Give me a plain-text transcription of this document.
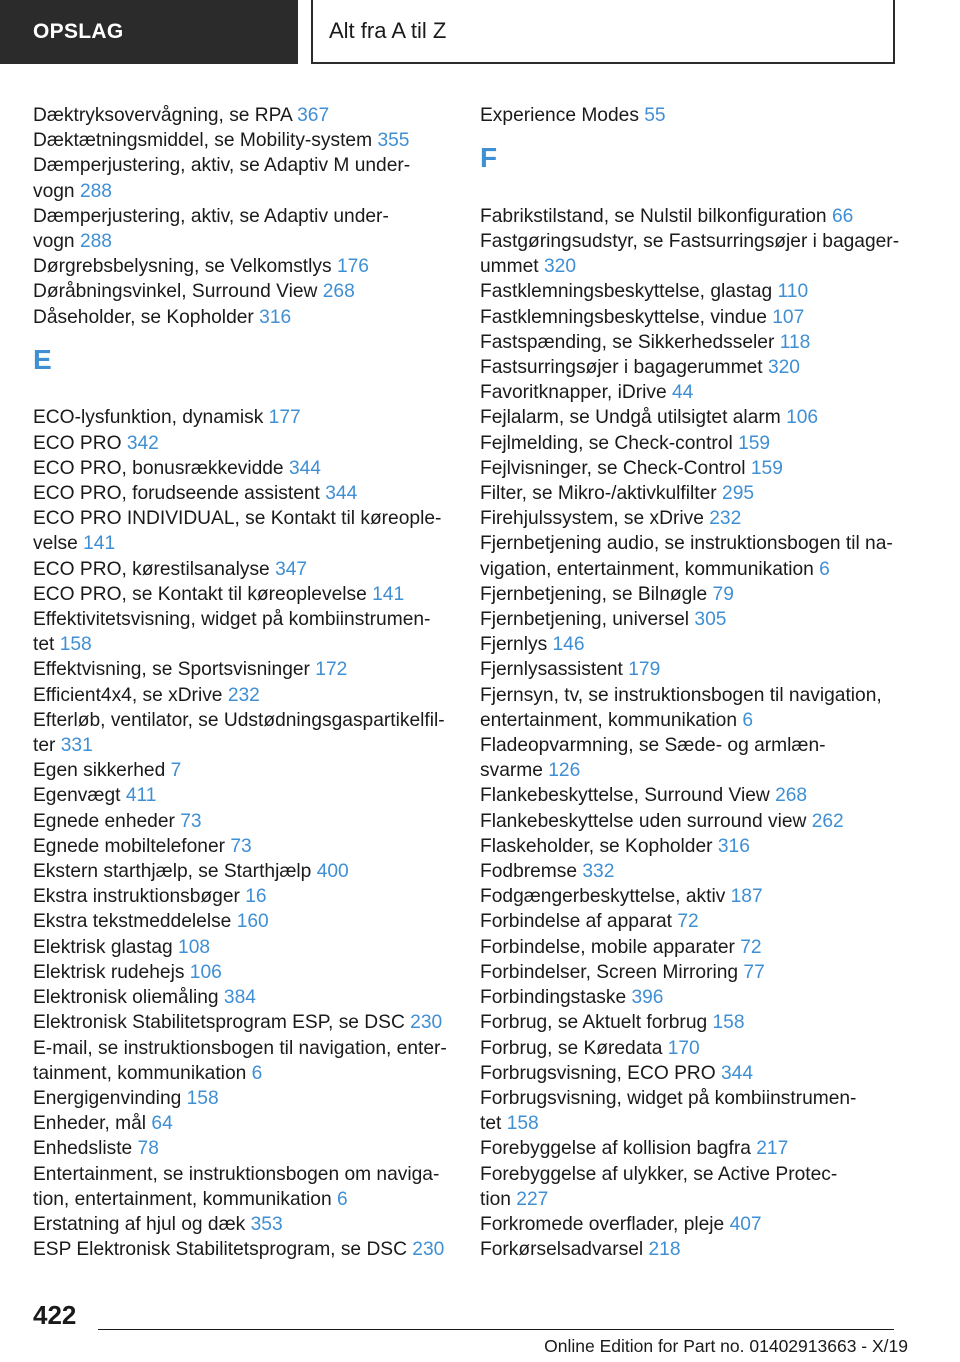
OPSLAG	Alt fra A til Z
Dæktryksovervågning, se RPA 367
Dæktætningsmiddel, se Mobility-system 355
Dæmperjustering, aktiv, se Adaptiv M under-
vogn 288
Dæmperjustering, aktiv, se Adaptiv under-
vogn 288
Dørgrebsbelysning, se Velkomstlys 176
Døråbningsvinkel, Surround View 268
Dåseholder, se Kopholder 316
E
ECO-lysfunktion, dynamisk 177
ECO PRO 342
ECO PRO, bonusrækkevidde 344
ECO PRO, forudseende assistent 344
ECO PRO INDIVIDUAL, se Kontakt til køreople-
velse 141
ECO PRO, kørestilsanalyse 347
ECO PRO, se Kontakt til køreoplevelse 141
Effektivitetsvisning, widget på kombiinstrumen-
tet 158
Effektvisning, se Sportsvisninger 172
Efficient4x4, se xDrive 232
Efterløb, ventilator, se Udstødningsgaspartikelfil-
ter 331
Egen sikkerhed 7
Egenvægt 411
Egnede enheder 73
Egnede mobiltelefoner 73
Ekstern starthjælp, se Starthjælp 400
Ekstra instruktionsbøger 16
Ekstra tekstmeddelelse 160
Elektrisk glastag 108
Elektrisk rudehejs 106
Elektronisk oliemåling 384
Elektronisk Stabilitetsprogram ESP, se DSC 230
E-mail, se instruktionsbogen til navigation, enter-
tainment, kommunikation 6
Energigenvinding 158
Enheder, mål 64
Enhedsliste 78
Entertainment, se instruktionsbogen om naviga-
tion, entertainment, kommunikation 6
Erstatning af hjul og dæk 353
ESP Elektronisk Stabilitetsprogram, se DSC 230
Experience Modes 55
F
Fabrikstilstand, se Nulstil bilkonfiguration 66
Fastgøringsudstyr, se Fastsurringsøjer i bagager-
ummet 320
Fastklemningsbeskyttelse, glastag 110
Fastklemningsbeskyttelse, vindue 107
Fastspænding, se Sikkerhedsseler 118
Fastsurringsøjer i bagagerummet 320
Favoritknapper, iDrive 44
Fejlalarm, se Undgå utilsigtet alarm 106
Fejlmelding, se Check-control 159
Fejlvisninger, se Check-Control 159
Filter, se Mikro-/aktivkulfilter 295
Firehjulssystem, se xDrive 232
Fjernbetjening audio, se instruktionsbogen til na-
vigation, entertainment, kommunikation 6
Fjernbetjening, se Bilnøgle 79
Fjernbetjening, universel 305
Fjernlys 146
Fjernlysassistent 179
Fjernsyn, tv, se instruktionsbogen til navigation,
entertainment, kommunikation 6
Fladeopvarmning, se Sæde- og armlæn-
svarme 126
Flankebeskyttelse, Surround View 268
Flankebeskyttelse uden surround view 262
Flaskeholder, se Kopholder 316
Fodbremse 332
Fodgængerbeskyttelse, aktiv 187
Forbindelse af apparat 72
Forbindelse, mobile apparater 72
Forbindelser, Screen Mirroring 77
Forbindingstaske 396
Forbrug, se Aktuelt forbrug 158
Forbrug, se Køredata 170
Forbrugsvisning, ECO PRO 344
Forbrugsvisning, widget på kombiinstrumen-
tet 158
Forebyggelse af kollision bagfra 217
Forebyggelse af ulykker, se Active Protec-
tion 227
Forkromede overflader, pleje 407
Forkørselsadvarsel 218
422
Online Edition for Part no. 01402913663 - X/19
